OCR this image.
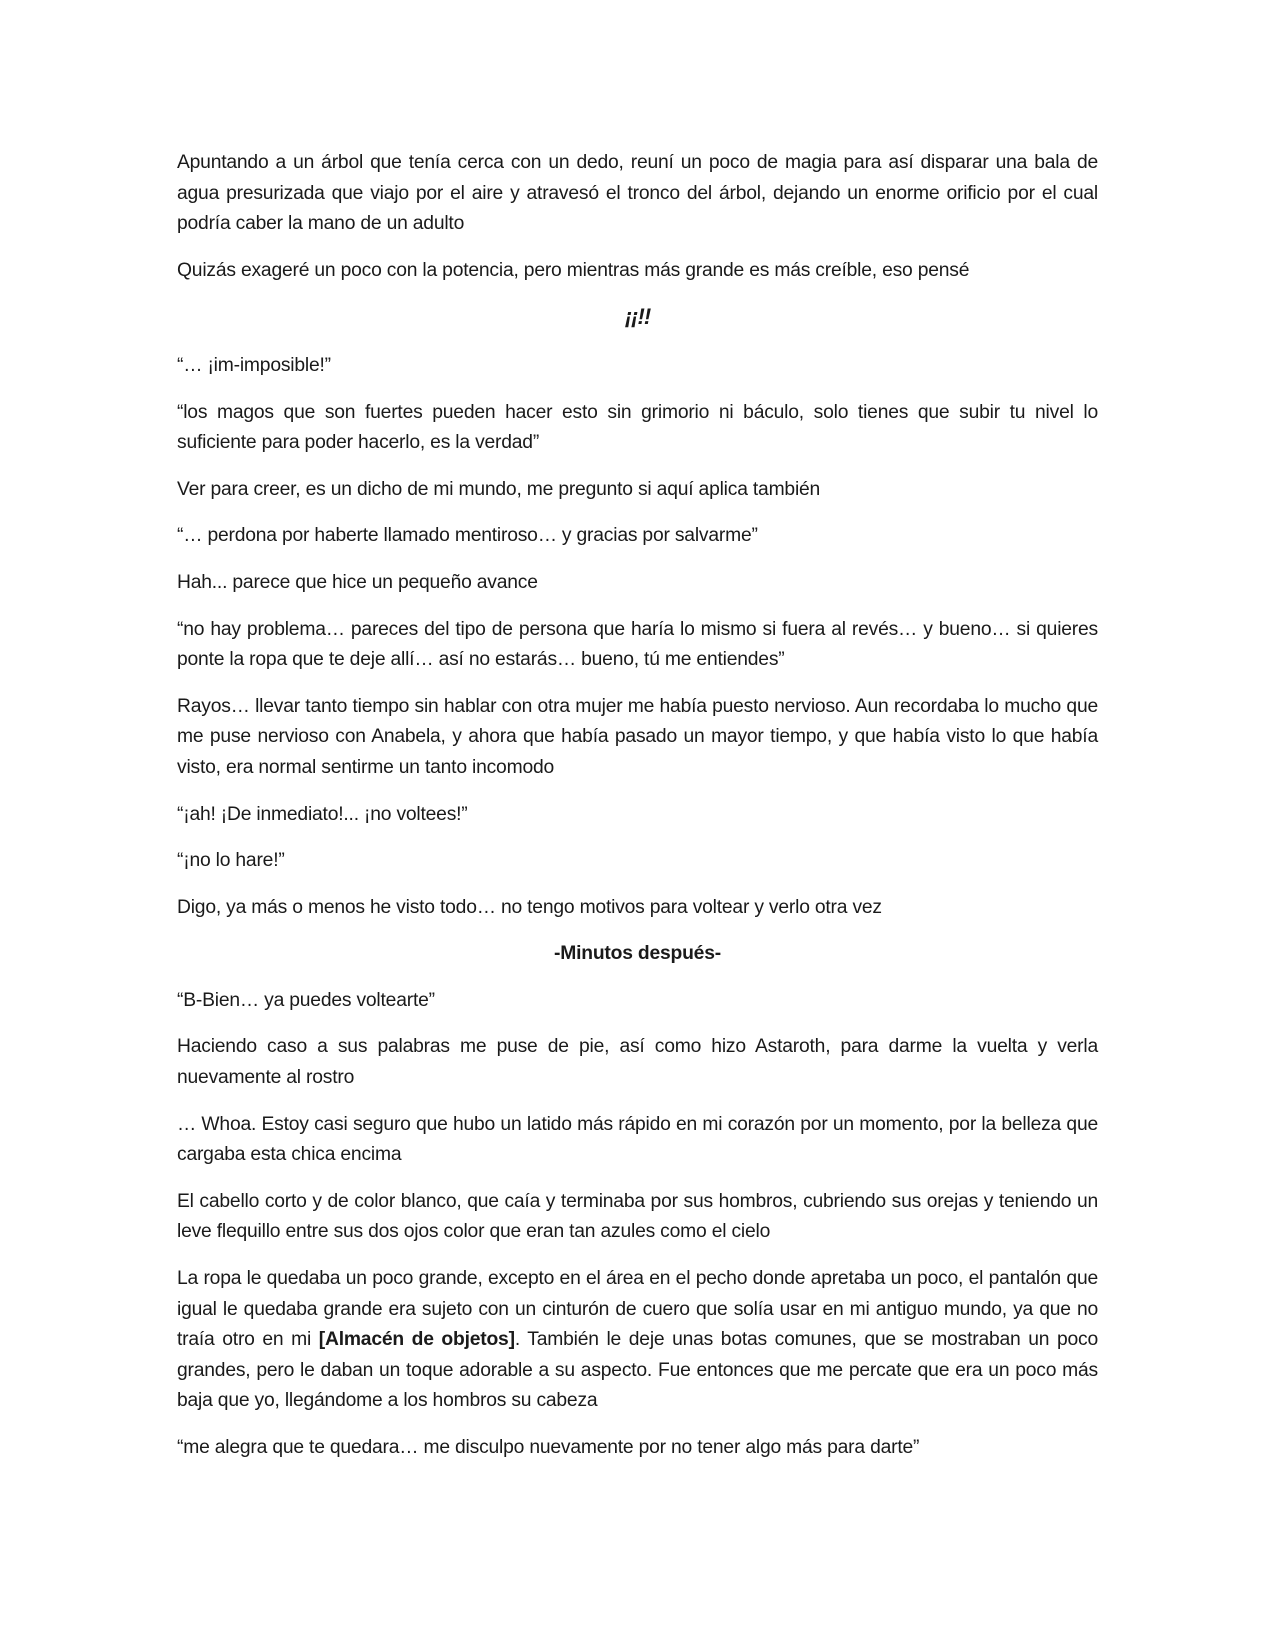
Apuntando a un árbol que tenía cerca con un dedo, reuní un poco de magia para así disparar una bala de agua presurizada que viajo por el aire y atravesó el tronco del árbol, dejando un enorme orificio por el cual podría caber la mano de un adulto

Quizás exageré un poco con la potencia, pero mientras más grande es más creíble, eso pensé

¡¡!!

“… ¡im-imposible!”

“los magos que son fuertes pueden hacer esto sin grimorio ni báculo, solo tienes que subir tu nivel lo suficiente para poder hacerlo, es la verdad”

Ver para creer, es un dicho de mi mundo, me pregunto si aquí aplica también

“… perdona por haberte llamado mentiroso… y gracias por salvarme”

Hah... parece que hice un pequeño avance

“no hay problema… pareces del tipo de persona que haría lo mismo si fuera al revés… y bueno… si quieres ponte la ropa que te deje allí… así no estarás… bueno, tú me entiendes”

Rayos… llevar tanto tiempo sin hablar con otra mujer me había puesto nervioso. Aun recordaba lo mucho que me puse nervioso con Anabela, y ahora que había pasado un mayor tiempo, y que había visto lo que había visto, era normal sentirme un tanto incomodo

“¡ah! ¡De inmediato!... ¡no voltees!”

“¡no lo hare!”

Digo, ya más o menos he visto todo… no tengo motivos para voltear y verlo otra vez

-Minutos después-

“B-Bien… ya puedes voltearte”

Haciendo caso a sus palabras me puse de pie, así como hizo Astaroth, para darme la vuelta y verla nuevamente al rostro

… Whoa. Estoy casi seguro que hubo un latido más rápido en mi corazón por un momento, por la belleza que cargaba esta chica encima

El cabello corto y de color blanco, que caía y terminaba por sus hombros, cubriendo sus orejas y teniendo un leve flequillo entre sus dos ojos color que eran tan azules como el cielo

La ropa le quedaba un poco grande, excepto en el área en el pecho donde apretaba un poco, el pantalón que igual le quedaba grande era sujeto con un cinturón de cuero que solía usar en mi antiguo mundo, ya que no traía otro en mi [Almacén de objetos]. También le deje unas botas comunes, que se mostraban un poco grandes, pero le daban un toque adorable a su aspecto. Fue entonces que me percate que era un poco más baja que yo, llegándome a los hombros su cabeza

“me alegra que te quedara… me disculpo nuevamente por no tener algo más para darte”
